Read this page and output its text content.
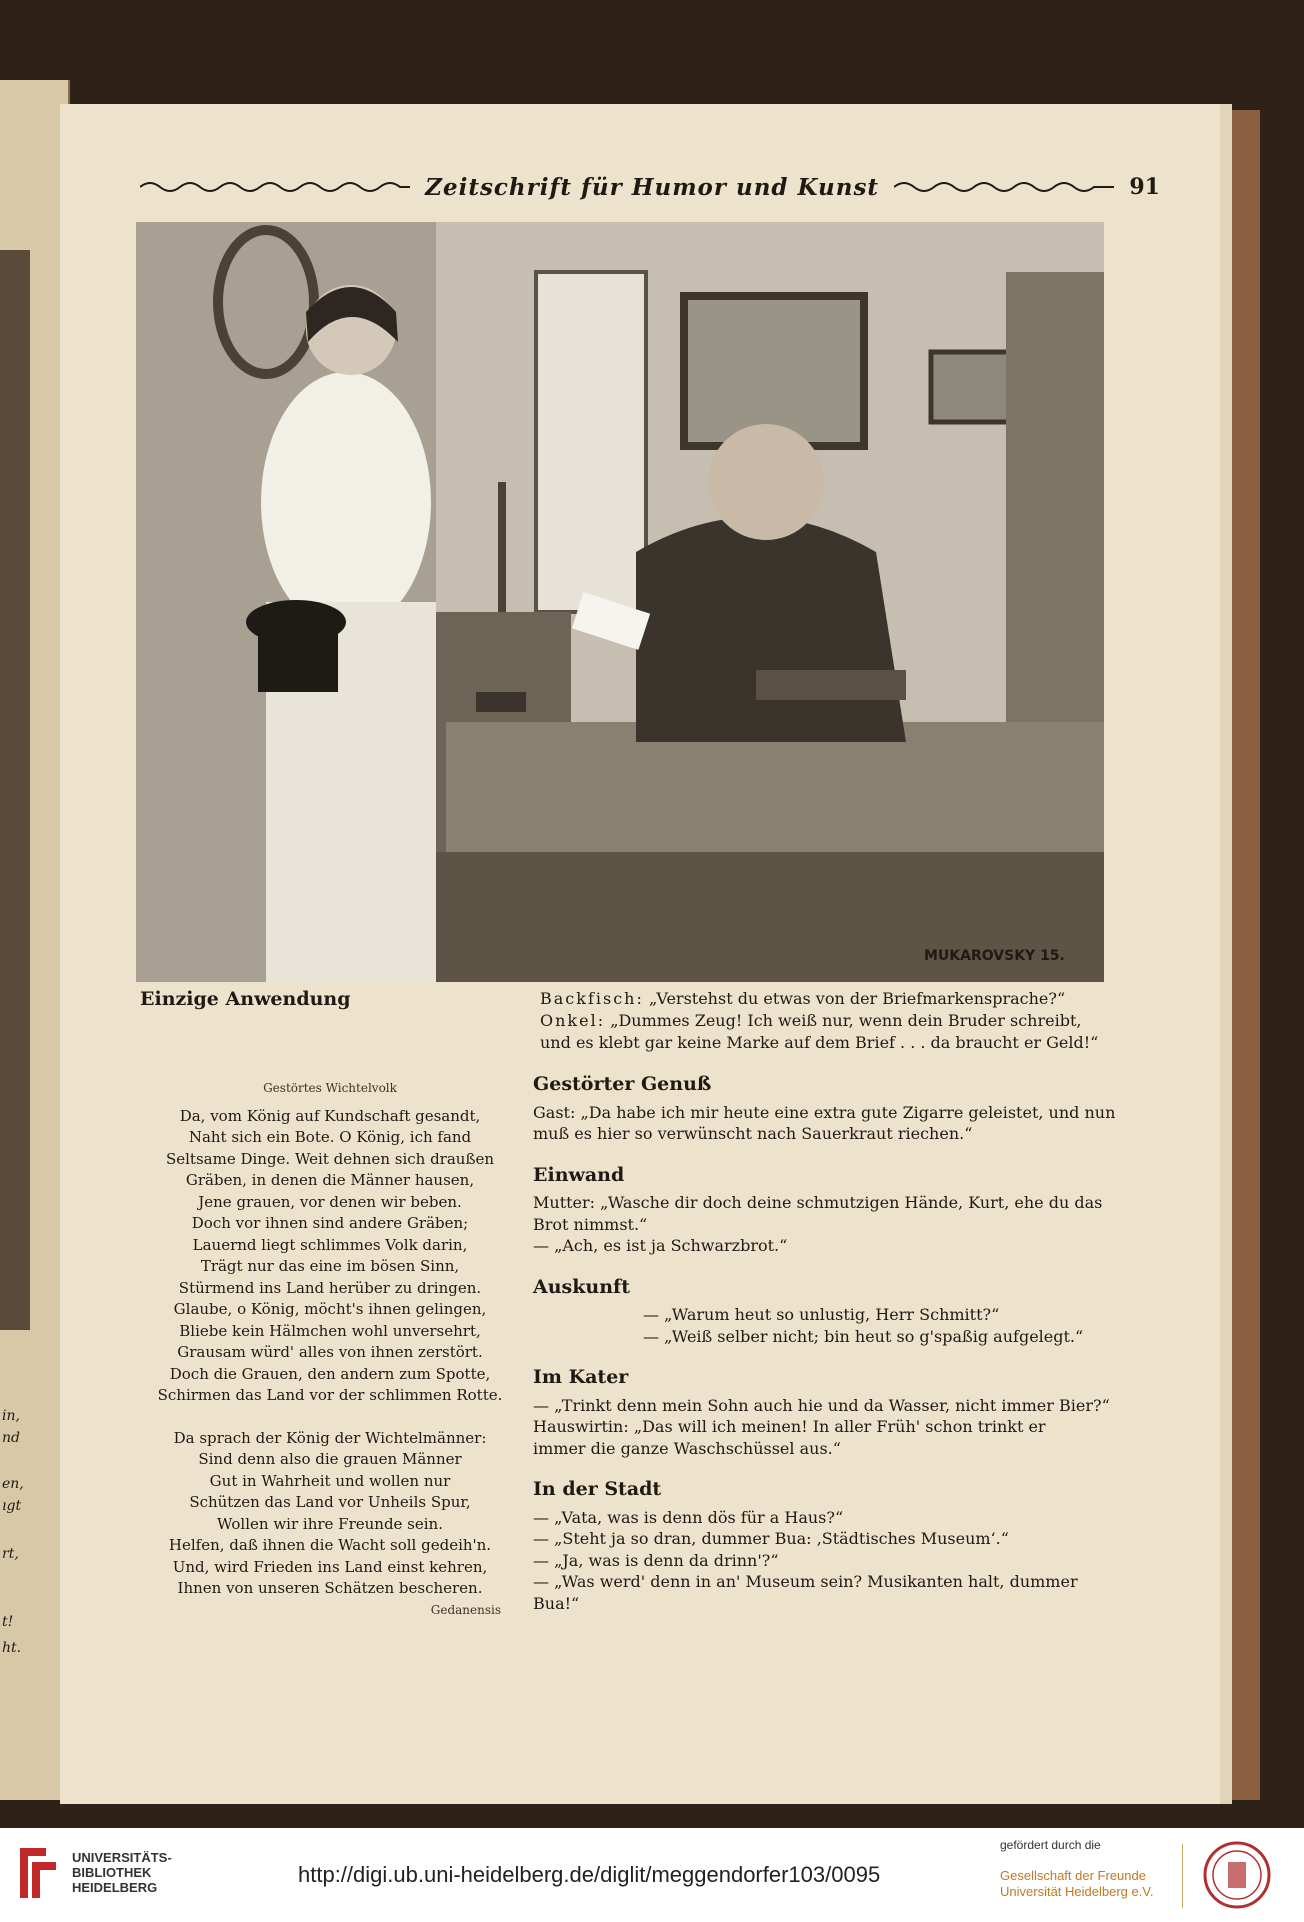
in,
nd
en,
ıgt
rt,
t!
ht.
Zeitschrift für Humor und Kunst	91
MUKAROVSKY 15.
Einzige Anwendung	Backfisch: „Verstehst du etwas von der Briefmarkensprache?“
Onkel: „Dummes Zeug! Ich weiß nur, wenn dein Bruder schreibt,
und es klebt gar keine Marke auf dem Brief . . . da braucht er Geld!“
Gestörtes Wichtelvolk
Da, vom König auf Kundschaft gesandt,
Naht sich ein Bote. O König, ich fand
Seltsame Dinge. Weit dehnen sich draußen
Gräben, in denen die Männer hausen,
Jene grauen, vor denen wir beben.
Doch vor ihnen sind andere Gräben;
Lauernd liegt schlimmes Volk darin,
Trägt nur das eine im bösen Sinn,
Stürmend ins Land herüber zu dringen.
Glaube, o König, möcht's ihnen gelingen,
Bliebe kein Hälmchen wohl unversehrt,
Grausam würd' alles von ihnen zerstört.
Doch die Grauen, den andern zum Spotte,
Schirmen das Land vor der schlimmen Rotte.
Da sprach der König der Wichtelmänner:
Sind denn also die grauen Männer
Gut in Wahrheit und wollen nur
Schützen das Land vor Unheils Spur,
Wollen wir ihre Freunde sein.
Helfen, daß ihnen die Wacht soll gedeih'n.
Und, wird Frieden ins Land einst kehren,
Ihnen von unseren Schätzen bescheren.
Gedanensis
Gestörter Genuß

Gast: „Da habe ich mir heute eine extra gute Zigarre geleistet, und nun

muß es hier so verwünscht nach Sauerkraut riechen.“

Einwand

Mutter: „Wasche dir doch deine schmutzigen Hände, Kurt, ehe du das

Brot nimmst.“

— „Ach, es ist ja Schwarzbrot.“

Auskunft

— „Warum heut so unlustig, Herr Schmitt?“

— „Weiß selber nicht; bin heut so g'spaßig aufgelegt.“

Im Kater

— „Trinkt denn mein Sohn auch hie und da Wasser, nicht immer Bier?“

Hauswirtin: „Das will ich meinen! In aller Früh' schon trinkt er

immer die ganze Waschschüssel aus.“

In der Stadt

— „Vata, was is denn dös für a Haus?“

— „Steht ja so dran, dummer Bua: ‚Städtisches Museum‘.“

— „Ja, was is denn da drinn'?“

— „Was werd' denn in an' Museum sein? Musikanten halt, dummer Bua!“

UNIVERSITÄTS-
BIBLIOTHEK
HEIDELBERG
http://digi.ub.uni-heidelberg.de/diglit/meggendorfer103/0095
gefördert durch die
Gesellschaft der Freunde
Universität Heidelberg e.V.
